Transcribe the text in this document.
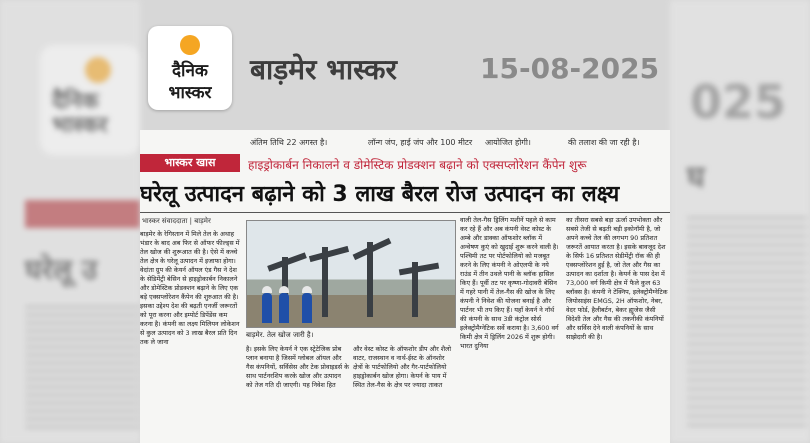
दैनिक
भास्कर
घरेलू उ
025
घ
दैनिक
भास्कर
बाड़मेर भास्कर	15-08-2025
अंतिम तिथि 22 अगस्त है।	लॉन्ग जंप, हाई जंप और 100 मीटर आयोजित होगी।	की तलाश की जा रही है।
भास्कर खास	हाइड्रोकार्बन निकालने व डोमेस्टिक प्रोडक्शन बढ़ाने को एक्सप्लोरेशन कैंपेन शुरू
घरेलू उत्पादन बढ़ाने को 3 लाख बैरल रोज उत्पादन का लक्ष्य
भास्कर संवाददाता | बाड़मेर

बाड़मेर के रेगिस्तान में मिले तेल के अथाह भंडार के बाद अब फिर से ऑफर फील्ड्स में तेल खोज की शुरूआत की है। ऐसे में कच्चे तेल क्षेत्र के घरेलू उत्पादन में इजाफा होगा। वेदांता ग्रुप की केयर्न ऑयल एंड गैस ने देश के सेडिमेंट्री बेसिन से हाइड्रोकार्बन निकालने और डोमेस्टिक प्रोडक्शन बढ़ाने के लिए एक बड़े एक्सप्लोरेशन कैंपेन की शुरुआत की है। इसका उद्देश्य देश की बढ़ती एनर्जी जरूरतों को पूरा करना और इम्पोर्ट डिपेंडेंस कम करना है। कंपनी का लक्ष्य मिलियन लोकेशन से कुल उत्पादन को 3 लाख बैरल प्रति दिन तक ले जाना

बाड़मेर. तेल खोज जारी है।

है। इसके लिए केयर्न ने एक स्ट्रेटेजिक प्रोब प्लान बनाया है जिसमें ग्लोबल ऑयल और गैस कंपनियों, सर्विसेस और टेक प्रोवाइडर्स के साथ पार्टनरशिप करके खोज और उत्पादन को तेज गति दी जाएगी। यह निवेश हित

और वेस्ट कोस्ट के ऑफशोर डीप और शैलो वाटर, राजस्थान व नार्थ-ईस्ट के ऑनशोर क्षेत्रों के पार्टफोलियो और गैर-पार्टफोलियो हाइड्रोकार्बन खोज होगा। केयर्न के पाय में स्थित तेल-गैस के क्षेत्र पर ज्यादा ताकत

वाली तेल-गैस ड्रिलिंग मशीनें पहले से काम कर रहे हैं और अब कंपनी वेस्ट कोस्ट के अम्बे और डाक्का ऑफशोर ब्लॉक में अन्वेषण कुएं को खुदाई शुरू करने वाली है। पश्चिमी तट पर पोर्टफोलियो को मजबूत करने के लिए कंपनी ने ओएलपी के नये राउंड में तीन उथले पानी के ब्लॉक हासिल किए हैं। पूर्वी तट पर कृष्णा-गोदावरी बेसिन में गहरे पानी में तेल-गैस की खोज के लिए कंपनी ने निवेश की योजना बनाई है और पार्टनर भी तय किए हैं। यहाँ केयर्न ने नॉर्थ की कंपनी के साथ 3डी कंट्रोल सोर्स इलेक्ट्रोमैग्नेटिक सर्वे कराया है। 3,600 वर्ग किमी क्षेत्र में ड्रिलिंग 2026 में शुरू होगी। भारत दुनिया

का तीसरा सबसे बड़ा ऊर्जा उपभोक्ता और सबसे तेजी से बढ़ती बड़ी इकोनॉमी है, जो अपने कच्चे तेल की लगभग 90 प्रतिशत जरूरतें आयात करता है। इसके बावजूद देश के सिर्फ 16 प्रतिशत सेडीमेंट्री रॉक की ही एक्सप्लोरेशन हुई है, जो तेल और गैस का उत्पादन का दर्शाता है। केयर्न के पास देश में 73,000 वर्ग किमी क्षेत्र में फैले कुल 63 ब्लॉक्स है। कंपनी ने टेक्निप, इलेक्ट्रोमैग्नेटिक जियोसाइंस EMGS, 2H ऑफशोर, नेबर, वेदर फोर्ड, हैलीबर्टन, बेकर ह्यूजेस जैसी विदेशी तेल और गैस की तकनीकी कंपनियों और सर्विस देने वाली कंपनियों के साथ साझेदारी की है।
